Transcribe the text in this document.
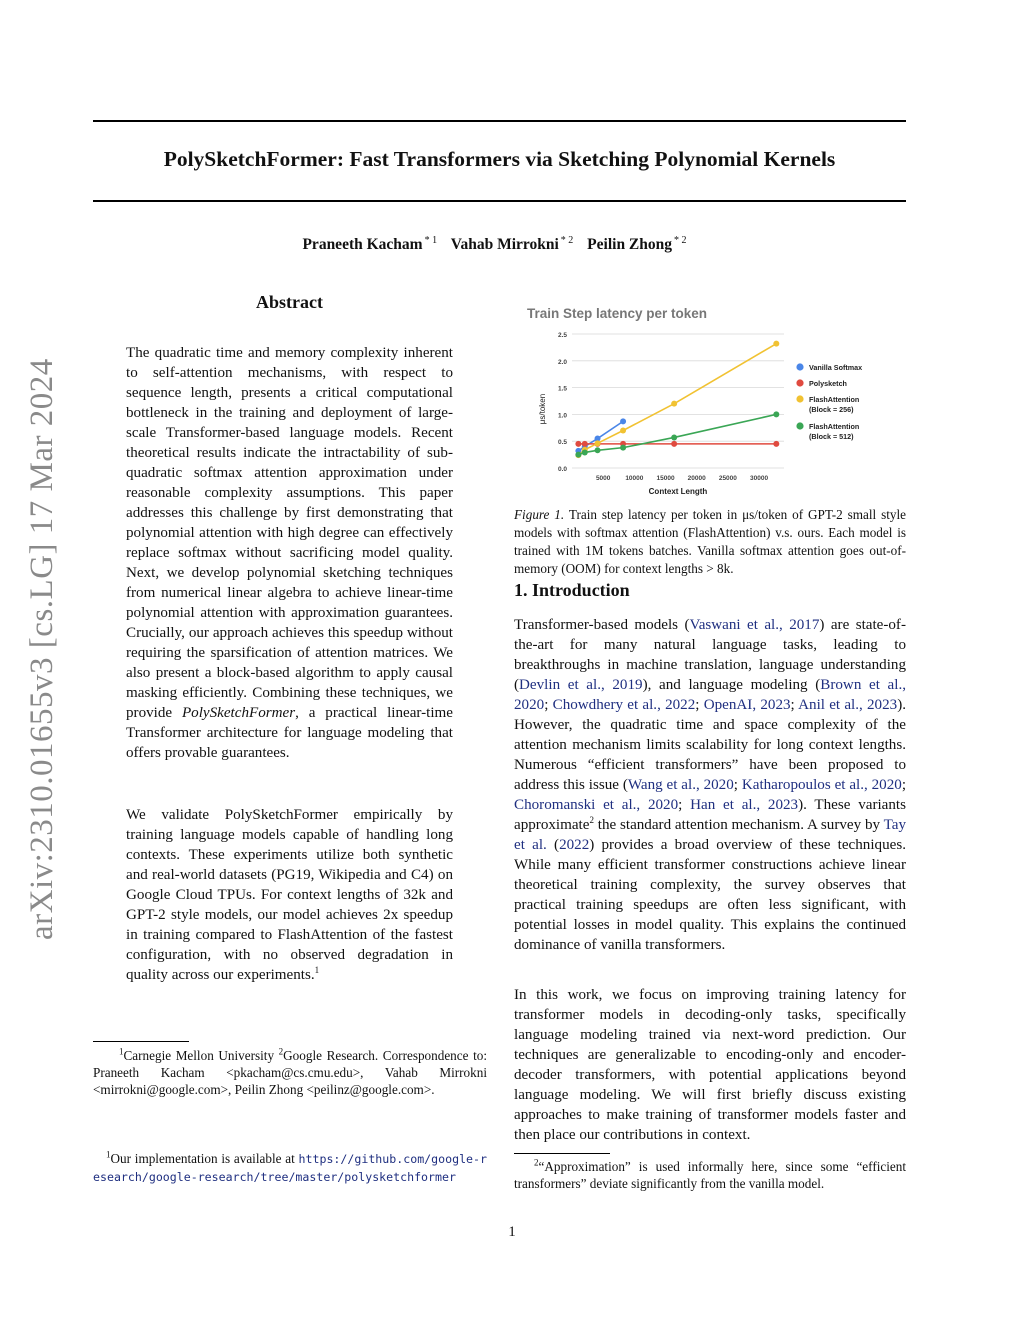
PolySketchFormer: Fast Transformers via Sketching Polynomial Kernels
Praneeth Kacham $^{* 1}$ Vahab Mirrokni $^{* 2}$ Peilin Zhong $^{* 2}$
arXiv:2310.01655v3 [cs.LG] 17 Mar 2024
Abstract
The quadratic time and memory complexity inherent to self-attention mechanisms, with respect to sequence length, presents a critical computational bottleneck in the training and deployment of large-scale Transformer-based language models. Recent theoretical results indicate the intractability of sub-quadratic softmax attention approximation under reasonable complexity assumptions. This paper addresses this challenge by first demonstrating that polynomial attention with high degree can effectively replace softmax without sacrificing model quality. Next, we develop polynomial sketching techniques from numerical linear algebra to achieve linear-time polynomial attention with approximation guarantees. Crucially, our approach achieves this speedup without requiring the sparsification of attention matrices. We also present a block-based algorithm to apply causal masking efficiently. Combining these techniques, we provide PolySketchFormer, a practical linear-time Transformer architecture for language modeling that offers provable guarantees.
We validate PolySketchFormer empirically by training language models capable of handling long contexts. These experiments utilize both synthetic and real-world datasets (PG19, Wikipedia and C4) on Google Cloud TPUs. For context lengths of 32k and GPT-2 style models, our model achieves 2x speedup in training compared to FlashAttention of the fastest configuration, with no observed degradation in quality across our experiments.$^1$
$^1$Carnegie Mellon University $^2$Google Research. Correspondence to: Praneeth Kacham <pkacham@cs.cmu.edu>, Vahab Mirrokni <mirrokni@google.com>, Peilin Zhong <peilinz@google.com>.
$^1$Our implementation is available at https://github.com/google-research/google-research/tree/master/polysketchformer
Train Step latency per token
0.0
0.5
1.0
1.5
2.0
2.5
5000 10000 15000 20000 25000 30000
Context Length
μs/token
Vanilla Softmax
Polysketch
FlashAttention
(Block = 256)
FlashAttention
(Block = 512)
Figure 1. Train step latency per token in μs/token of GPT-2 small style models with softmax attention (FlashAttention) v.s. ours. Each model is trained with 1M tokens batches. Vanilla softmax attention goes out-of-memory (OOM) for context lengths > 8k.
1. Introduction
Transformer-based models (Vaswani et al., 2017) are state-of-the-art for many natural language tasks, leading to breakthroughs in machine translation, language understanding (Devlin et al., 2019), and language modeling (Brown et al., 2020; Chowdhery et al., 2022; OpenAI, 2023; Anil et al., 2023). However, the quadratic time and space complexity of the attention mechanism limits scalability for long context lengths. Numerous “efficient transformers” have been proposed to address this issue (Wang et al., 2020; Katharopoulos et al., 2020; Choromanski et al., 2020; Han et al., 2023). These variants approximate$^2$ the standard attention mechanism. A survey by Tay et al. (2022) provides a broad overview of these techniques. While many efficient transformer constructions achieve linear theoretical training complexity, the survey observes that practical training speedups are often less significant, with potential losses in model quality. This explains the continued dominance of vanilla transformers.
In this work, we focus on improving training latency for transformer models in decoding-only tasks, specifically language modeling trained via next-word prediction. Our techniques are generalizable to encoding-only and encoder-decoder transformers, with potential applications beyond language modeling. We will first briefly discuss existing approaches to make training of transformer models faster and then place our contributions in context.
$^2$“Approximation” is used informally here, since some “efficient transformers” deviate significantly from the vanilla model.
1
